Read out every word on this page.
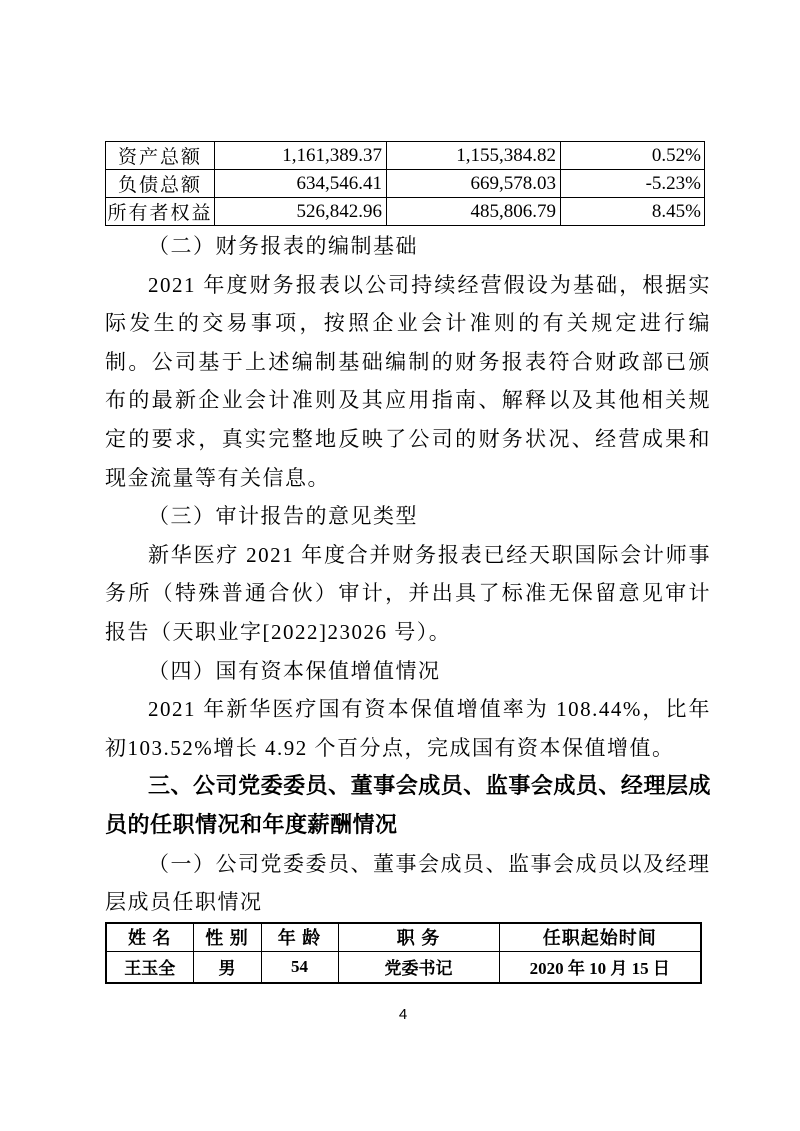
资产总额	1,161,389.37	1,155,384.82	0.52%
负债总额	634,546.41	669,578.03	-5.23%
所有者权益	526,842.96	485,806.79	8.45%

（二）财务报表的编制基础

2021 年度财务报表以公司持续经营假设为基础，根据实际发生的交易事项，按照企业会计准则的有关规定进行编制。公司基于上述编制基础编制的财务报表符合财政部已颁布的最新企业会计准则及其应用指南、解释以及其他相关规定的要求，真实完整地反映了公司的财务状况、经营成果和现金流量等有关信息。

（三）审计报告的意见类型

新华医疗 2021 年度合并财务报表已经天职国际会计师事务所（特殊普通合伙）审计，并出具了标准无保留意见审计报告（天职业字[2022]23026 号）。

（四）国有资本保值增值情况

2021 年新华医疗国有资本保值增值率为 108.44%，比年初103.52%增长 4.92 个百分点，完成国有资本保值增值。

三、公司党委委员、董事会成员、监事会成员、经理层成员的任职情况和年度薪酬情况

（一）公司党委委员、董事会成员、监事会成员以及经理层成员任职情况

姓 名	性 别	年 龄	职 务	任职起始时间
王玉全	男	54	党委书记	2020 年 10 月 15 日
4
